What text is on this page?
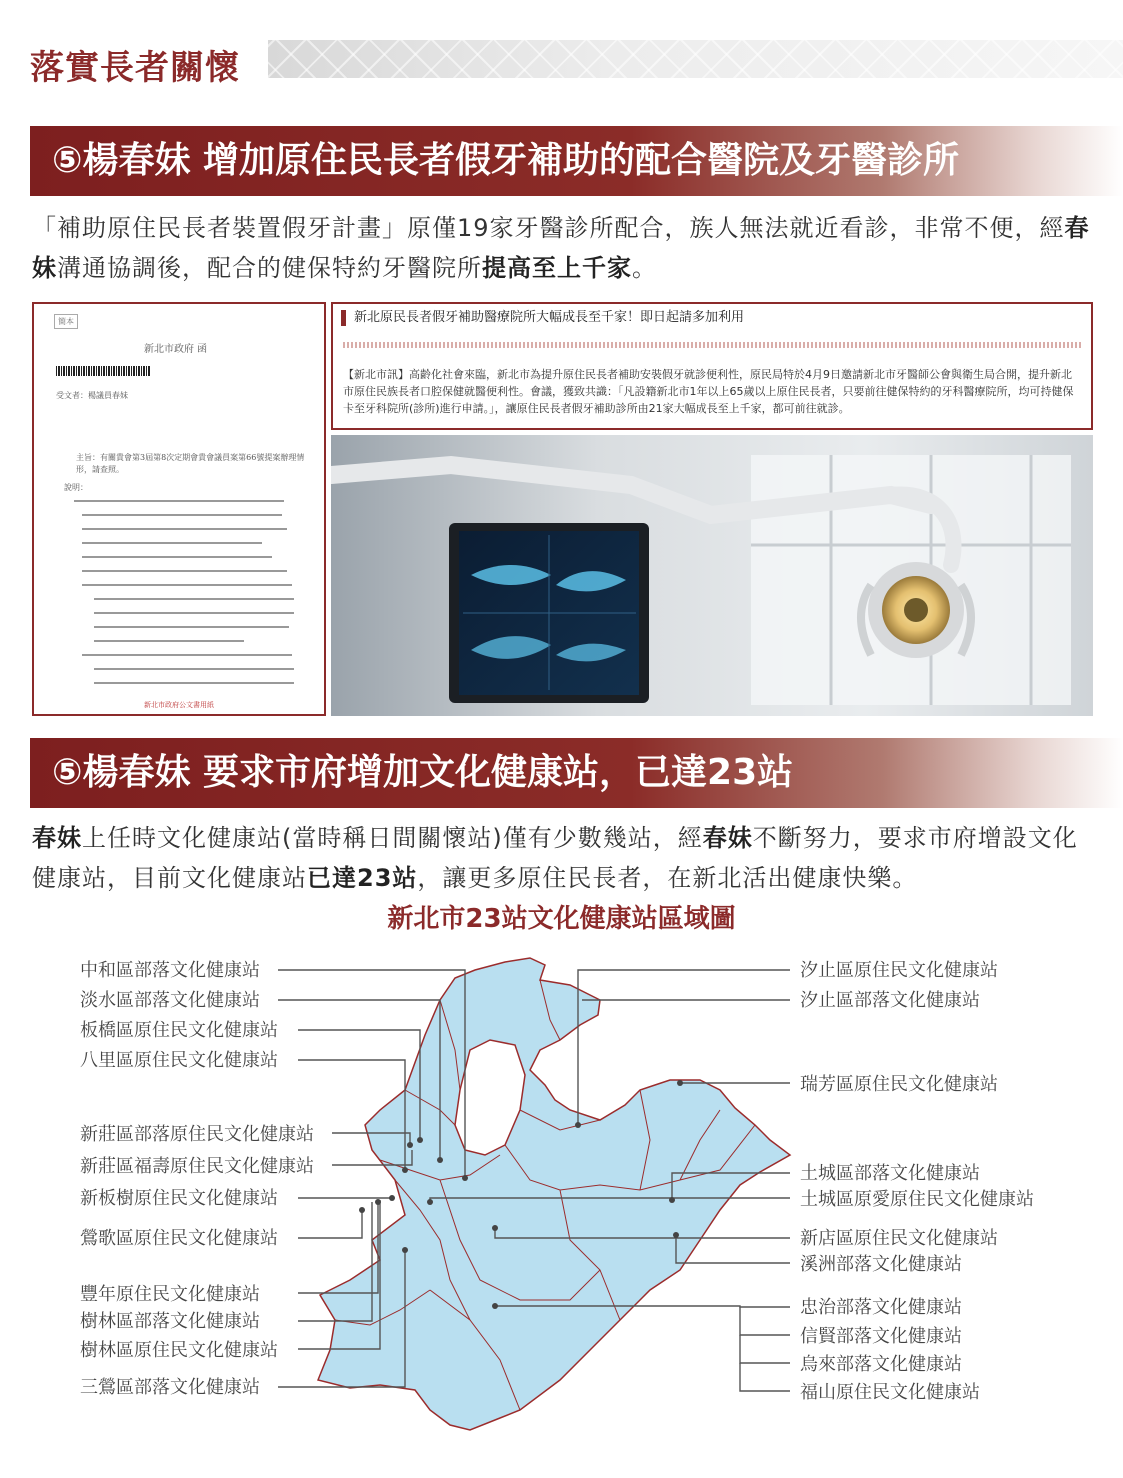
落實長者關懷
⑤楊春妹 增加原住民長者假牙補助的配合醫院及牙醫診所
「補助原住民長者裝置假牙計畫」原僅19家牙醫診所配合，族人無法就近看診，非常不便，經春妹溝通協調後，配合的健保特約牙醫院所提高至上千家。
簡本
新北市政府 函
受文者：楊議員春妹
主旨：有關貴會第3屆第8次定期會貴會議員案第66號提案辦理情形，請查照。
說明：
新北市政府公文書用紙
新北原民長者假牙補助醫療院所大幅成長至千家！即日起請多加利用
【新北市訊】高齡化社會來臨，新北市為提升原住民長者補助安裝假牙就診便利性，原民局特於4月9日邀請新北市牙醫師公會與衛生局合開，提升新北市原住民族長者口腔保健就醫便利性。會議，獲致共識：「凡設籍新北市1年以上65歲以上原住民長者，只要前往健保特約的牙科醫療院所，均可持健保卡至牙科院所(診所)進行申請。」，讓原住民長者假牙補助診所由21家大幅成長至上千家，都可前往就診。
⑤楊春妹 要求市府增加文化健康站，已達23站
春妹上任時文化健康站(當時稱日間關懷站)僅有少數幾站，經春妹不斷努力，要求市府增設文化健康站，目前文化健康站已達23站，讓更多原住民長者，在新北活出健康快樂。
新北市23站文化健康站區域圖
中和區部落文化健康站
淡水區部落文化健康站
板橋區原住民文化健康站
八里區原住民文化健康站
新莊區部落原住民文化健康站
新莊區福壽原住民文化健康站
新板樹原住民文化健康站
鶯歌區原住民文化健康站
豐年原住民文化健康站
樹林區部落文化健康站
樹林區原住民文化健康站
三鶯區部落文化健康站
汐止區原住民文化健康站
汐止區部落文化健康站
瑞芳區原住民文化健康站
土城區部落文化健康站
土城區原愛原住民文化健康站
新店區原住民文化健康站
溪洲部落文化健康站
忠治部落文化健康站
信賢部落文化健康站
烏來部落文化健康站
福山原住民文化健康站
